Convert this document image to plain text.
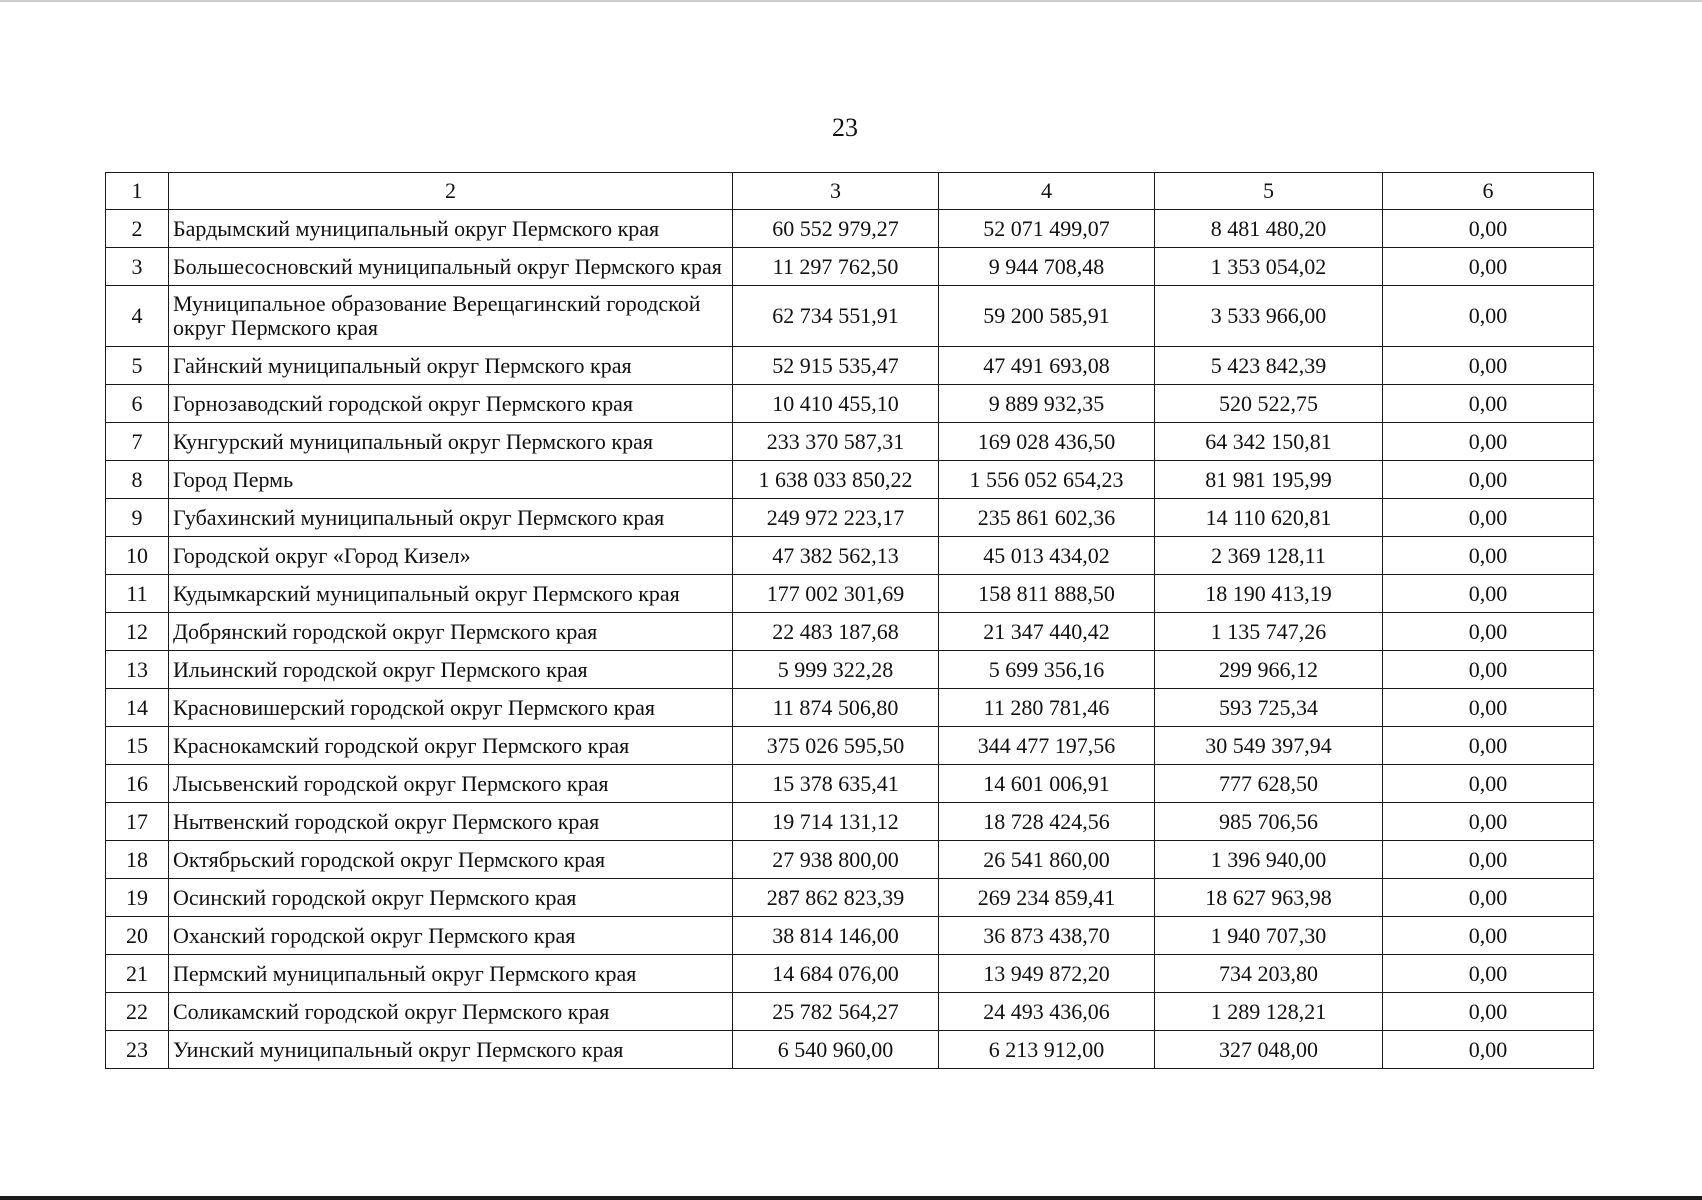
23
1	2	3	4	5	6
2	Бардымский муниципальный округ Пермского края	60 552 979,27	52 071 499,07	8 481 480,20	0,00
3	Большесосновский муниципальный округ Пермского края	11 297 762,50	9 944 708,48	1 353 054,02	0,00
4	Муниципальное образование Верещагинский городской округ Пермского края	62 734 551,91	59 200 585,91	3 533 966,00	0,00
5	Гайнский муниципальный округ Пермского края	52 915 535,47	47 491 693,08	5 423 842,39	0,00
6	Горнозаводский городской округ Пермского края	10 410 455,10	9 889 932,35	520 522,75	0,00
7	Кунгурский муниципальный округ Пермского края	233 370 587,31	169 028 436,50	64 342 150,81	0,00
8	Город Пермь	1 638 033 850,22	1 556 052 654,23	81 981 195,99	0,00
9	Губахинский муниципальный округ Пермского края	249 972 223,17	235 861 602,36	14 110 620,81	0,00
10	Городской округ «Город Кизел»	47 382 562,13	45 013 434,02	2 369 128,11	0,00
11	Кудымкарский муниципальный округ Пермского края	177 002 301,69	158 811 888,50	18 190 413,19	0,00
12	Добрянский городской округ Пермского края	22 483 187,68	21 347 440,42	1 135 747,26	0,00
13	Ильинский городской округ Пермского края	5 999 322,28	5 699 356,16	299 966,12	0,00
14	Красновишерский городской округ Пермского края	11 874 506,80	11 280 781,46	593 725,34	0,00
15	Краснокамский городской округ Пермского края	375 026 595,50	344 477 197,56	30 549 397,94	0,00
16	Лысьвенский городской округ Пермского края	15 378 635,41	14 601 006,91	777 628,50	0,00
17	Нытвенский городской округ Пермского края	19 714 131,12	18 728 424,56	985 706,56	0,00
18	Октябрьский городской округ Пермского края	27 938 800,00	26 541 860,00	1 396 940,00	0,00
19	Осинский городской округ Пермского края	287 862 823,39	269 234 859,41	18 627 963,98	0,00
20	Оханский городской округ Пермского края	38 814 146,00	36 873 438,70	1 940 707,30	0,00
21	Пермский муниципальный округ Пермского края	14 684 076,00	13 949 872,20	734 203,80	0,00
22	Соликамский городской округ Пермского края	25 782 564,27	24 493 436,06	1 289 128,21	0,00
23	Уинский муниципальный округ Пермского края	6 540 960,00	6 213 912,00	327 048,00	0,00
